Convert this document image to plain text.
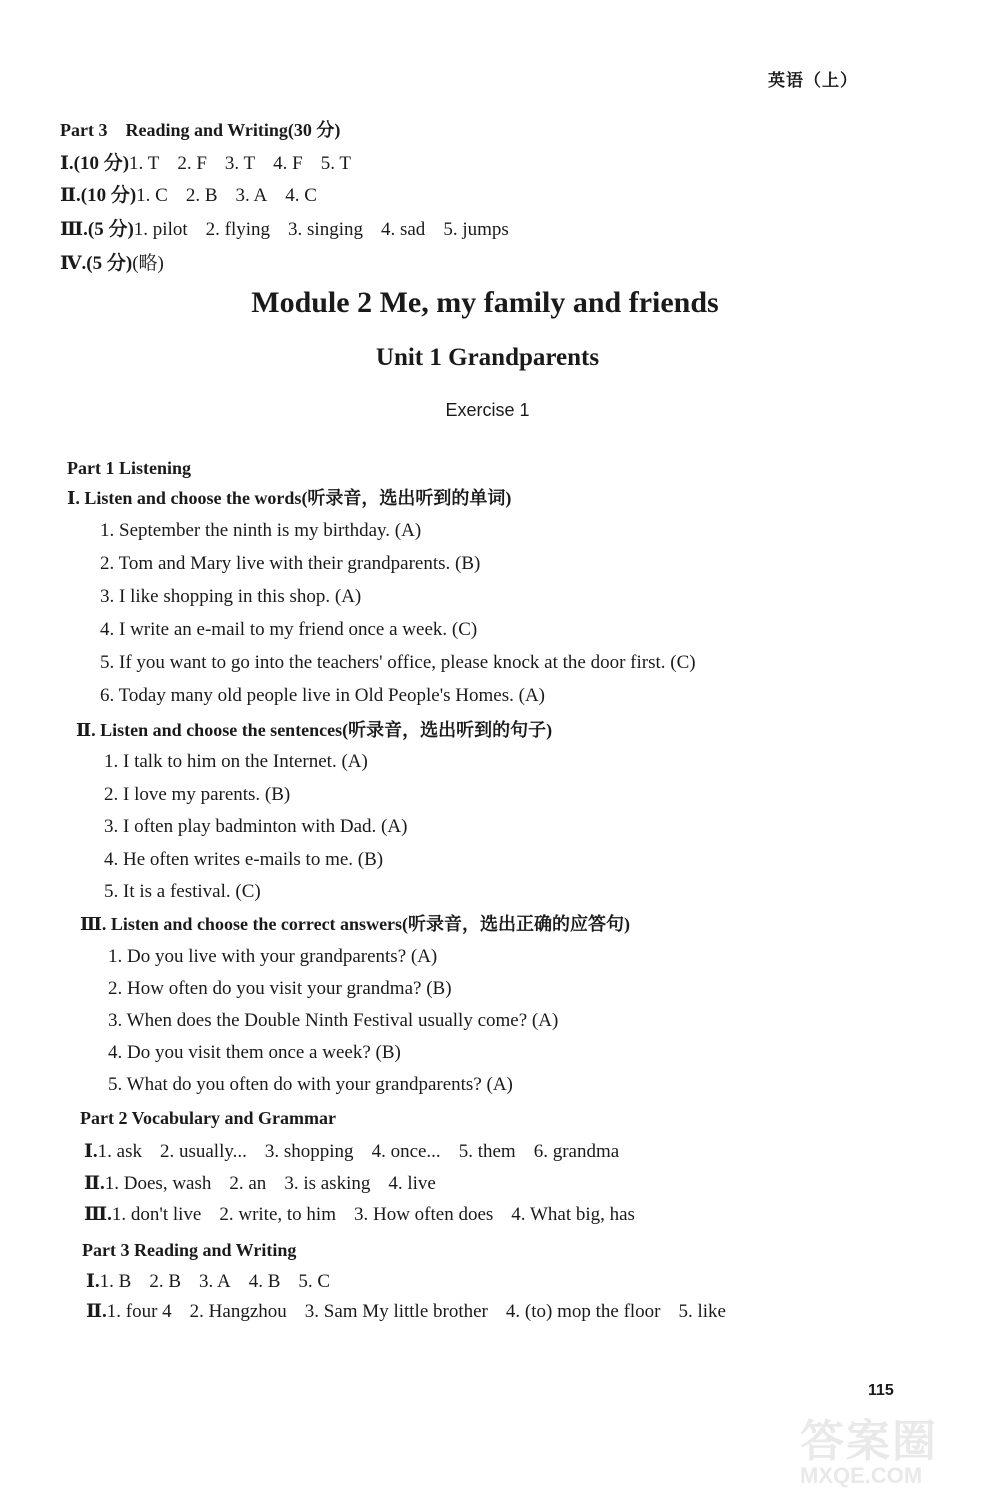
英语（上）
Part 3 Reading and Writing(30 分)
Ⅰ.(10 分)1. T 2. F 3. T 4. F 5. T
Ⅱ.(10 分)1. C 2. B 3. A 4. C
Ⅲ.(5 分)1. pilot 2. flying 3. singing 4. sad 5. jumps
Ⅳ.(5 分)(略)
Module 2 Me, my family and friends
Unit 1 Grandparents
Exercise 1
Part 1 Listening
Ⅰ. Listen and choose the words(听录音，选出听到的单词)
1. September the ninth is my birthday. (A)
2. Tom and Mary live with their grandparents. (B)
3. I like shopping in this shop. (A)
4. I write an e-mail to my friend once a week. (C)
5. If you want to go into the teachers' office, please knock at the door first. (C)
6. Today many old people live in Old People's Homes. (A)
Ⅱ. Listen and choose the sentences(听录音，选出听到的句子)
1. I talk to him on the Internet. (A)
2. I love my parents. (B)
3. I often play badminton with Dad. (A)
4. He often writes e-mails to me. (B)
5. It is a festival. (C)
Ⅲ. Listen and choose the correct answers(听录音，选出正确的应答句)
1. Do you live with your grandparents? (A)
2. How often do you visit your grandma? (B)
3. When does the Double Ninth Festival usually come? (A)
4. Do you visit them once a week? (B)
5. What do you often do with your grandparents? (A)
Part 2 Vocabulary and Grammar
Ⅰ.1. ask 2. usually... 3. shopping 4. once... 5. them 6. grandma
Ⅱ.1. Does, wash 2. an 3. is asking 4. live
Ⅲ.1. don't live 2. write, to him 3. How often does 4. What big, has
Part 3 Reading and Writing
Ⅰ.1. B 2. B 3. A 4. B 5. C
Ⅱ.1. four 4 2. Hangzhou 3. Sam My little brother 4. (to) mop the floor 5. like
115
答案圈
MXQE.COM
